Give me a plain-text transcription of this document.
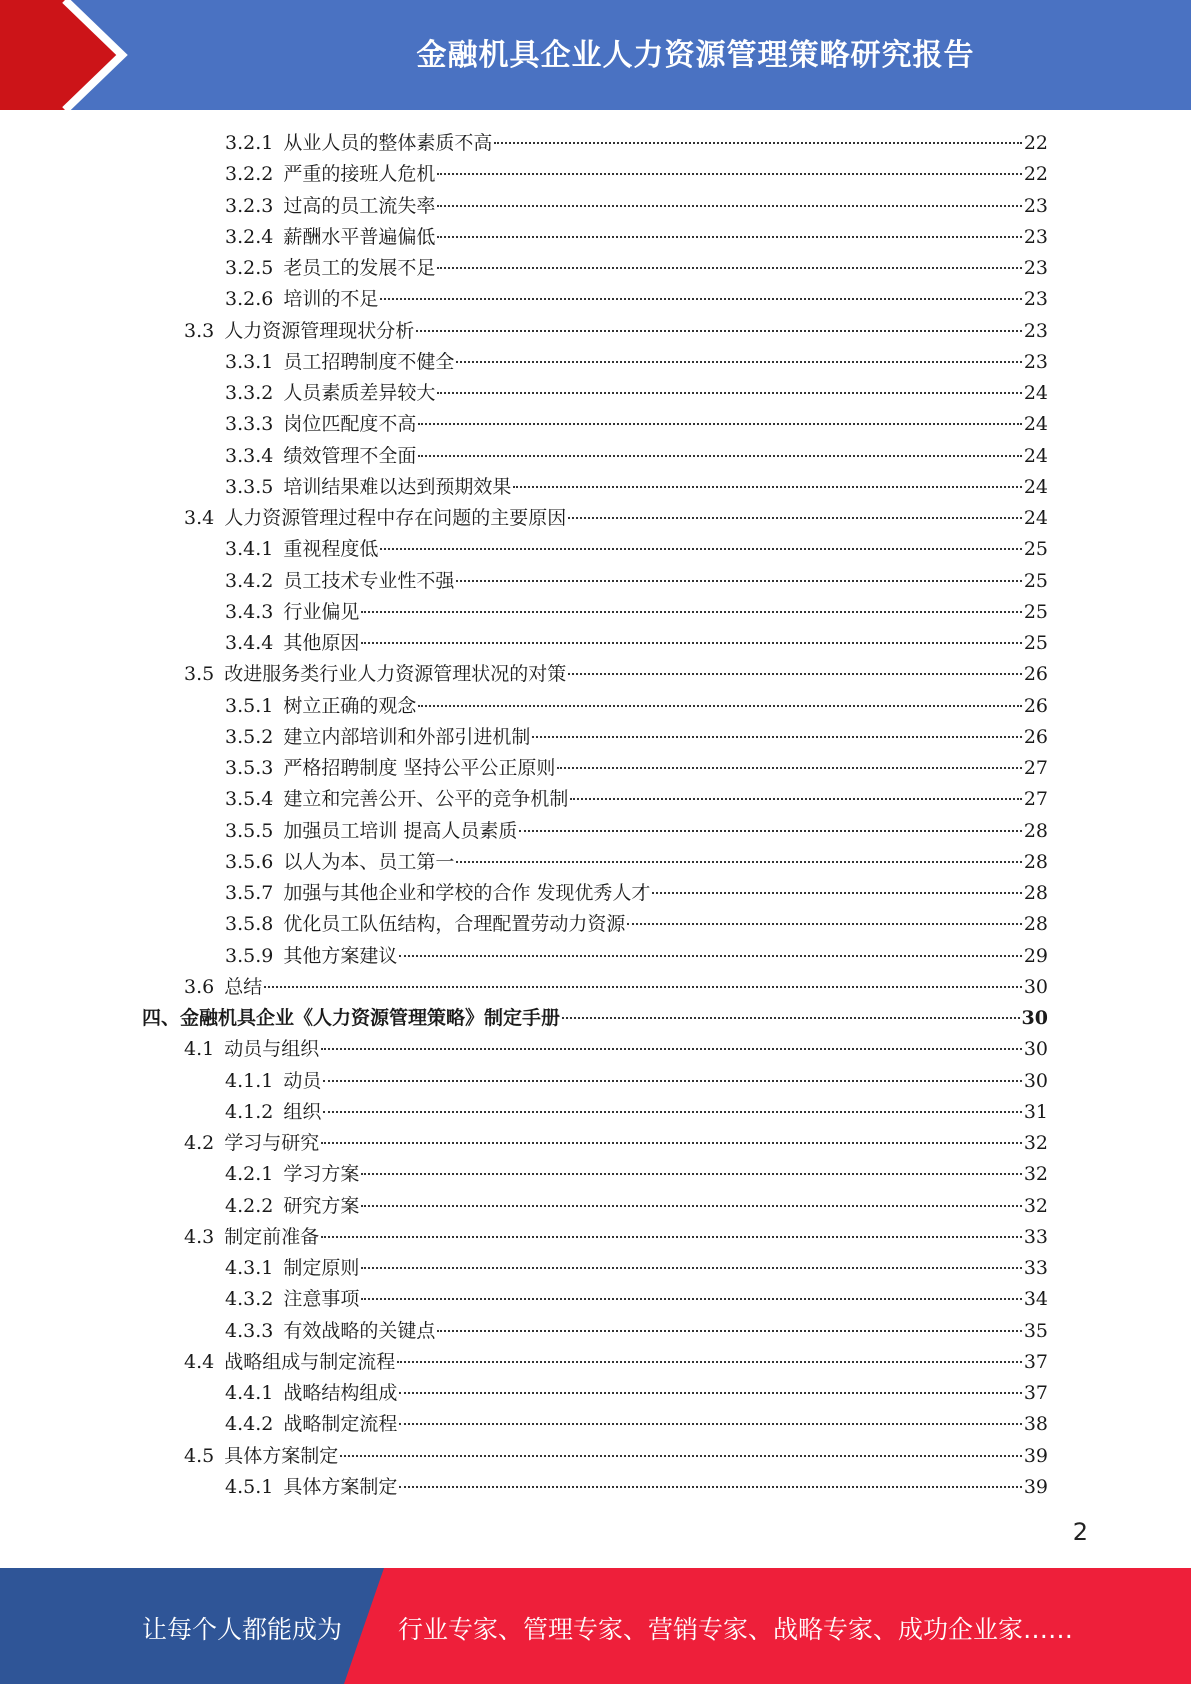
金融机具企业人力资源管理策略研究报告
3.2.1 从业人员的整体素质不高	22
3.2.2 严重的接班人危机	22
3.2.3 过高的员工流失率	23
3.2.4 薪酬水平普遍偏低	23
3.2.5 老员工的发展不足	23
3.2.6 培训的不足	23
3.3 人力资源管理现状分析	23
3.3.1 员工招聘制度不健全	23
3.3.2 人员素质差异较大	24
3.3.3 岗位匹配度不高	24
3.3.4 绩效管理不全面	24
3.3.5 培训结果难以达到预期效果	24
3.4 人力资源管理过程中存在问题的主要原因	24
3.4.1 重视程度低	25
3.4.2 员工技术专业性不强	25
3.4.3 行业偏见	25
3.4.4 其他原因	25
3.5 改进服务类行业人力资源管理状况的对策	26
3.5.1 树立正确的观念	26
3.5.2 建立内部培训和外部引进机制	26
3.5.3 严格招聘制度 坚持公平公正原则	27
3.5.4 建立和完善公开、公平的竞争机制	27
3.5.5 加强员工培训 提高人员素质	28
3.5.6 以人为本、员工第一	28
3.5.7 加强与其他企业和学校的合作 发现优秀人才	28
3.5.8 优化员工队伍结构，合理配置劳动力资源	28
3.5.9 其他方案建议	29
3.6 总结	30
四、金融机具企业《人力资源管理策略》制定手册	30
4.1 动员与组织	30
4.1.1 动员	30
4.1.2 组织	31
4.2 学习与研究	32
4.2.1 学习方案	32
4.2.2 研究方案	32
4.3 制定前准备	33
4.3.1 制定原则	33
4.3.2 注意事项	34
4.3.3 有效战略的关键点	35
4.4 战略组成与制定流程	37
4.4.1 战略结构组成	37
4.4.2 战略制定流程	38
4.5 具体方案制定	39
4.5.1 具体方案制定	39
2
让每个人都能成为 行业专家、管理专家、营销专家、战略专家、成功企业家……
